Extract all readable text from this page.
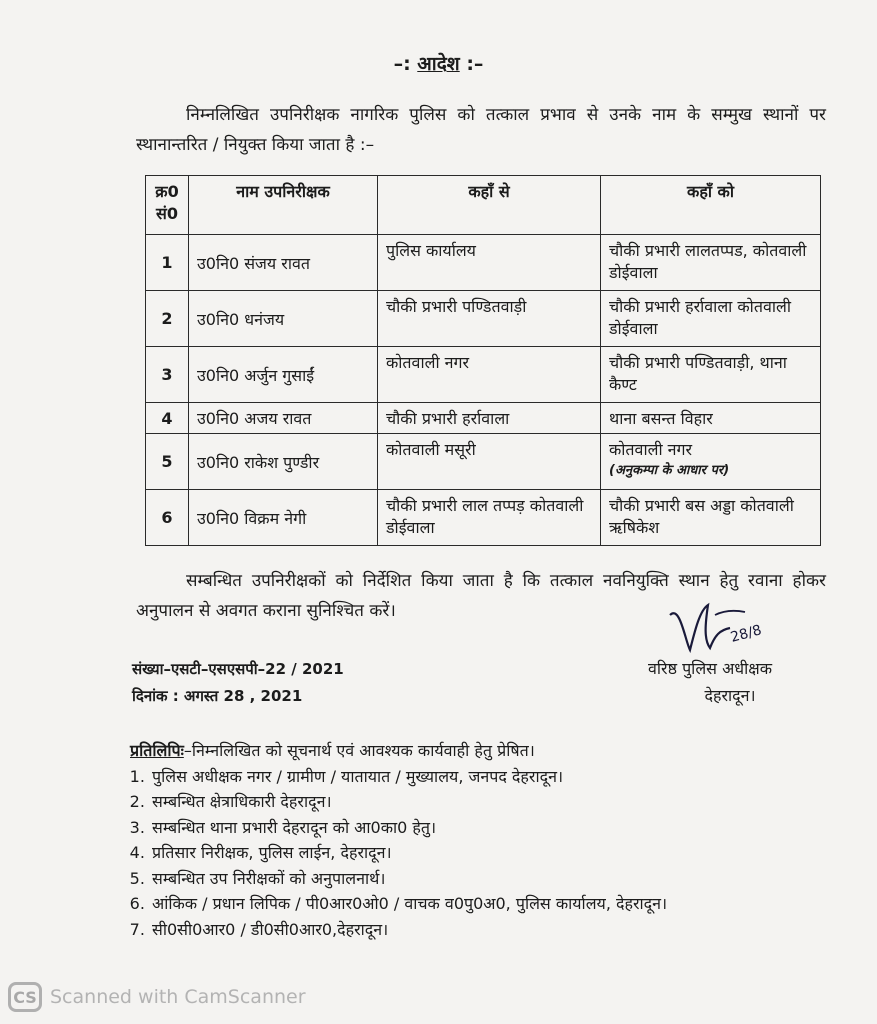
–: आदेश :–

निम्नलिखित उपनिरीक्षक नागरिक पुलिस को तत्काल प्रभाव से उनके नाम के सम्मुख स्थानों पर स्थानान्तरित / नियुक्त किया जाता है :–

क्र0 सं0	नाम उपनिरीक्षक	कहाँ से	कहाँ को
1	उ0नि0 संजय रावत	पुलिस कार्यालय	चौकी प्रभारी लालतप्पड, कोतवाली डोईवाला
2	उ0नि0 धनंजय	चौकी प्रभारी पण्डितवाड़ी	चौकी प्रभारी हर्रावाला कोतवाली डोईवाला
3	उ0नि0 अर्जुन गुसाईं	कोतवाली नगर	चौकी प्रभारी पण्डितवाड़ी, थाना कैण्ट
4	उ0नि0 अजय रावत	चौकी प्रभारी हर्रावाला	थाना बसन्त विहार
5	उ0नि0 राकेश पुण्डीर	कोतवाली मसूरी	कोतवाली नगर
(अनुकम्पा के आधार पर)

6	उ0नि0 विक्रम नेगी	चौकी प्रभारी लाल तप्पड़ कोतवाली डोईवाला	चौकी प्रभारी बस अड्डा कोतवाली ऋषिकेश

सम्बन्धित उपनिरीक्षकों को निर्देशित किया जाता है कि तत्काल नवनियुक्ति स्थान हेतु रवाना होकर अनुपालन से अवगत कराना सुनिश्चित करें।

28/8
संख्या–एसटी–एसएसपी–22 / 2021
दिनांक : अगस्त 28 , 2021
वरिष्ठ पुलिस अधीक्षक
देहरादून।
प्रतिलिपिः–निम्नलिखित को सूचनार्थ एवं आवश्यक कार्यवाही हेतु प्रेषित।
1. पुलिस अधीक्षक नगर / ग्रामीण / यातायात / मुख्यालय, जनपद देहरादून।
2. सम्बन्धित क्षेत्राधिकारी देहरादून।
3. सम्बन्धित थाना प्रभारी देहरादून को आ0का0 हेतु।
4. प्रतिसार निरीक्षक, पुलिस लाईन, देहरादून।
5. सम्बन्धित उप निरीक्षकों को अनुपालनार्थ।
6. आंकिक / प्रधान लिपिक / पी0आर0ओ0 / वाचक व0पु0अ0, पुलिस कार्यालय, देहरादून।
7. सी0सी0आर0 / डी0सी0आर0,देहरादून।
CS Scanned with CamScanner
